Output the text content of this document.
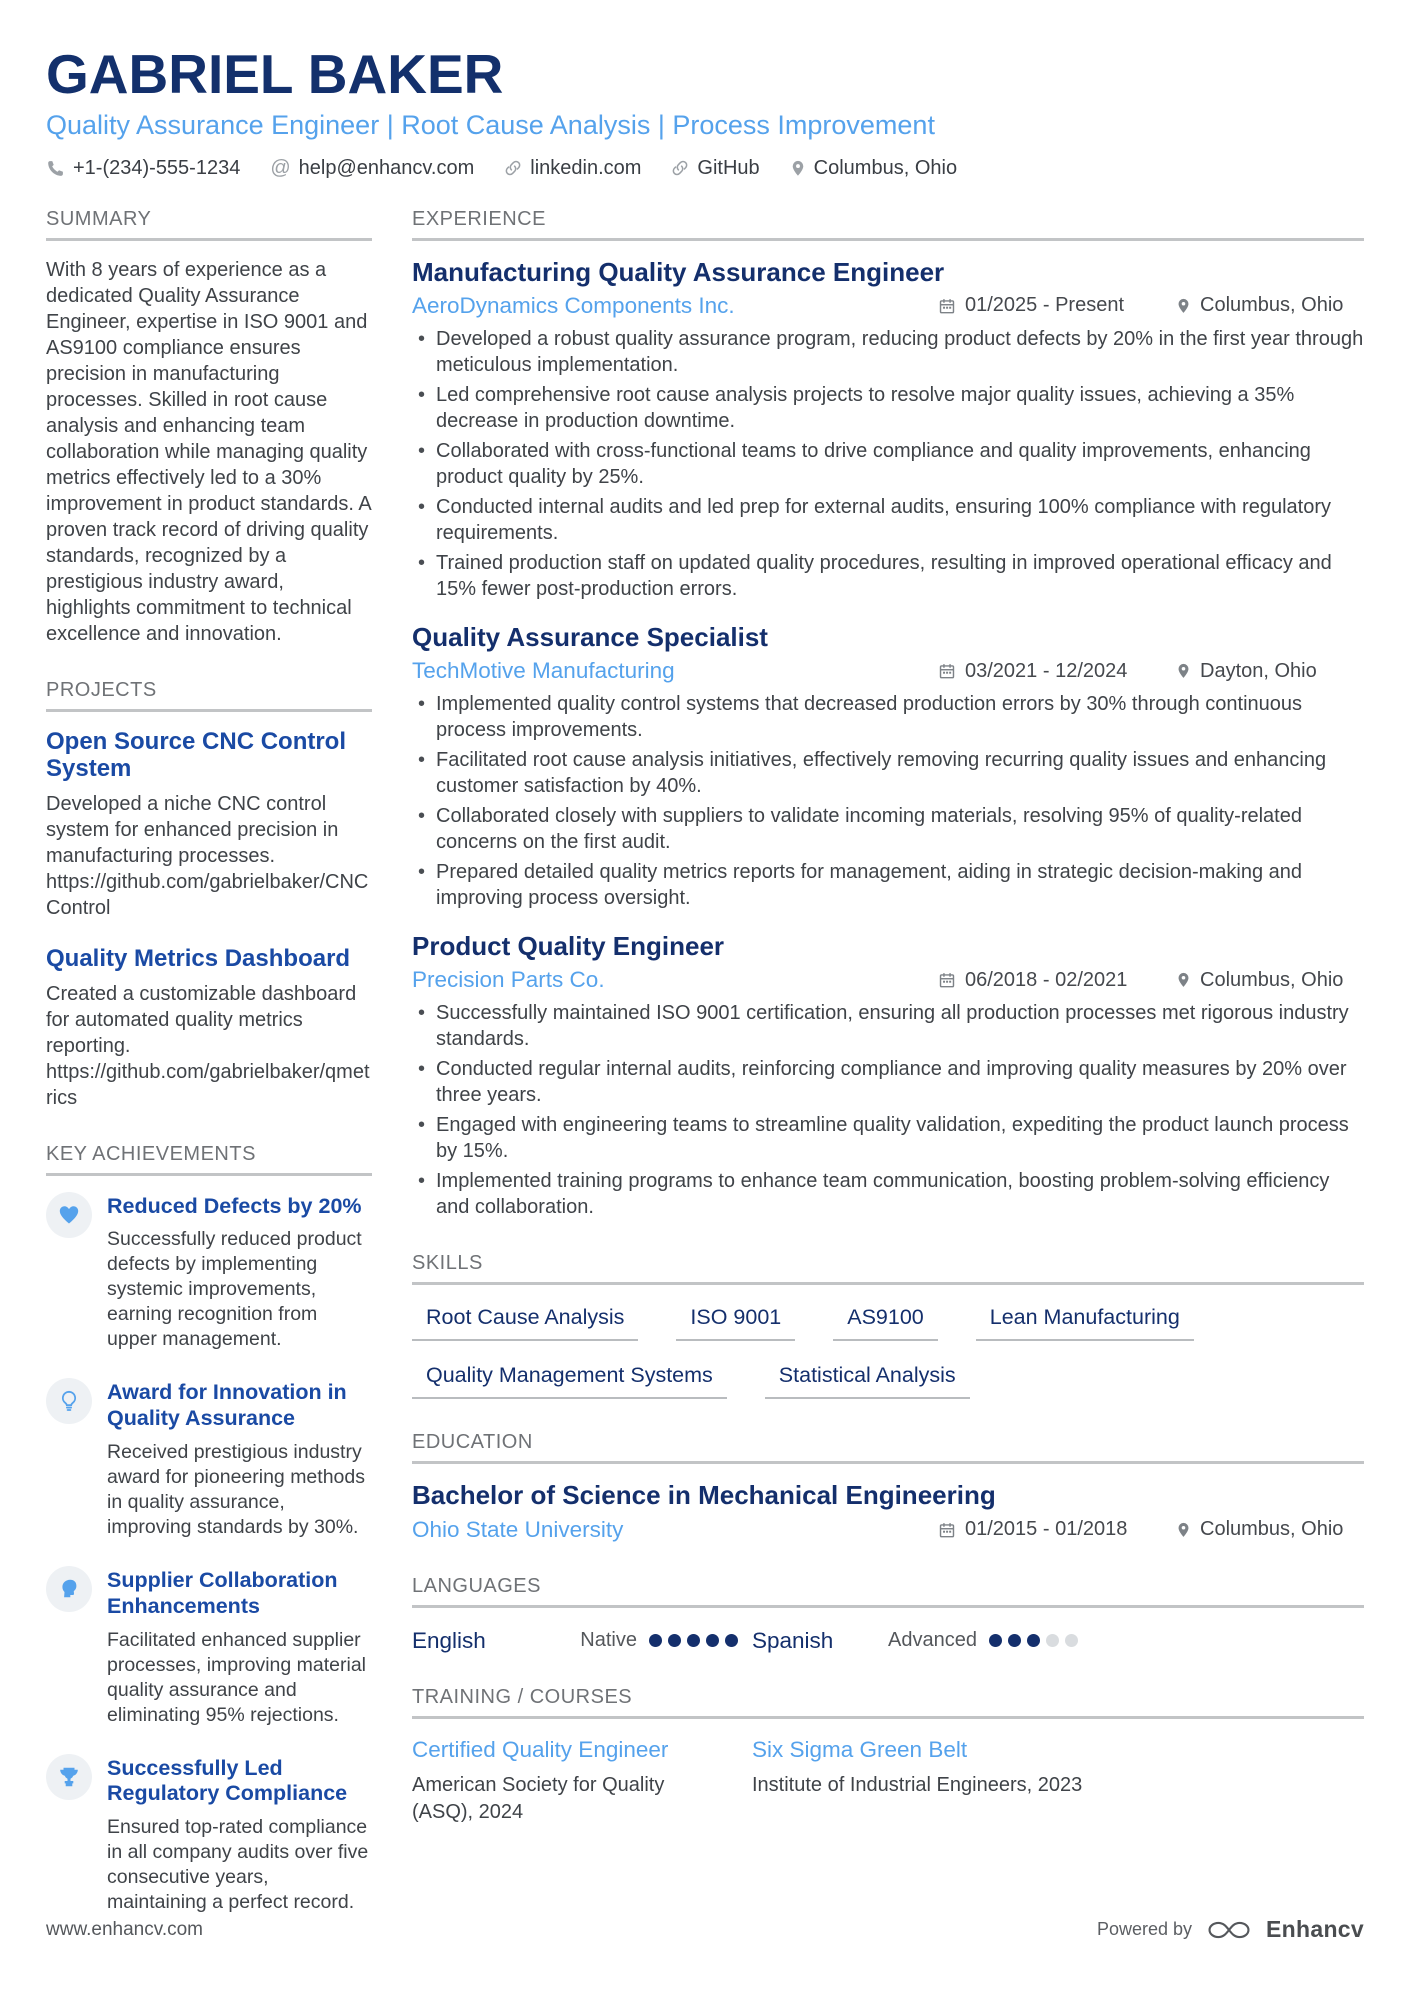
GABRIEL BAKER
Quality Assurance Engineer | Root Cause Analysis | Process Improvement
+1-(234)-555-1234 @ help@enhancv.com	linkedin.com	GitHub	Columbus, Ohio
SUMMARY

With 8 years of experience as a dedicated Quality Assurance Engineer, expertise in ISO 9001 and AS9100 compliance ensures precision in manufacturing processes. Skilled in root cause analysis and enhancing team collaboration while managing quality metrics effectively led to a 30% improvement in product standards. A proven track record of driving quality standards, recognized by a prestigious industry award, highlights commitment to technical excellence and innovation.

PROJECTS
Open Source CNC Control System

Developed a niche CNC control system for enhanced precision in manufacturing processes.

https://github.com/gabrielbaker/CNCControl
Quality Metrics Dashboard

Created a customizable dashboard for automated quality metrics reporting.

https://github.com/gabrielbaker/qmetrics
KEY ACHIEVEMENTS
Reduced Defects by 20%

Successfully reduced product defects by implementing systemic improvements, earning recognition from upper management.

Award for Innovation in Quality Assurance

Received prestigious industry award for pioneering methods in quality assurance, improving standards by 30%.

Supplier Collaboration Enhancements

Facilitated enhanced supplier processes, improving material quality assurance and eliminating 95% rejections.

Successfully Led Regulatory Compliance

Ensured top-rated compliance in all company audits over five consecutive years, maintaining a perfect record.

EXPERIENCE
Manufacturing Quality Assurance Engineer
AeroDynamics Components Inc.	01/2025 - Present	Columbus, Ohio
• Developed a robust quality assurance program, reducing product defects by 20% in the first year through meticulous implementation.
• Led comprehensive root cause analysis projects to resolve major quality issues, achieving a 35% decrease in production downtime.
• Collaborated with cross-functional teams to drive compliance and quality improvements, enhancing product quality by 25%.
• Conducted internal audits and led prep for external audits, ensuring 100% compliance with regulatory requirements.
• Trained production staff on updated quality procedures, resulting in improved operational efficacy and 15% fewer post-production errors.
Quality Assurance Specialist
TechMotive Manufacturing	03/2021 - 12/2024	Dayton, Ohio
• Implemented quality control systems that decreased production errors by 30% through continuous process improvements.
• Facilitated root cause analysis initiatives, effectively removing recurring quality issues and enhancing customer satisfaction by 40%.
• Collaborated closely with suppliers to validate incoming materials, resolving 95% of quality-related concerns on the first audit.
• Prepared detailed quality metrics reports for management, aiding in strategic decision-making and improving process oversight.
Product Quality Engineer
Precision Parts Co.	06/2018 - 02/2021	Columbus, Ohio
• Successfully maintained ISO 9001 certification, ensuring all production processes met rigorous industry standards.
• Conducted regular internal audits, reinforcing compliance and improving quality measures by 20% over three years.
• Engaged with engineering teams to streamline quality validation, expediting the product launch process by 15%.
• Implemented training programs to enhance team communication, boosting problem-solving efficiency and collaboration.
SKILLS
Root Cause Analysis	ISO 9001	AS9100	Lean Manufacturing
Quality Management Systems	Statistical Analysis
EDUCATION
Bachelor of Science in Mechanical Engineering
Ohio State University	01/2015 - 01/2018	Columbus, Ohio
LANGUAGES
English	Native	Spanish	Advanced
TRAINING / COURSES
Certified Quality Engineer

American Society for Quality (ASQ), 2024

Six Sigma Green Belt

Institute of Industrial Engineers, 2023

www.enhancv.com	Powered by	Enhancv
